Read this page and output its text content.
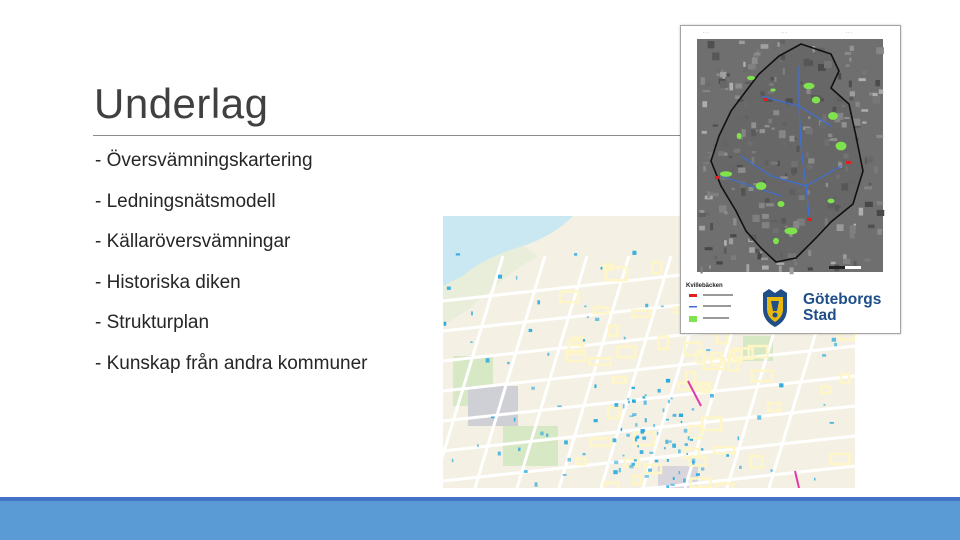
Underlag
- Översvämningskartering
- Ledningsnätsmodell
- Källaröversvämningar
- Historiska diken
- Strukturplan
- Kunskap från andra kommuner
· · ·	· · ·	· · ·
Kvillebäcken
Göteborgs
Stad
